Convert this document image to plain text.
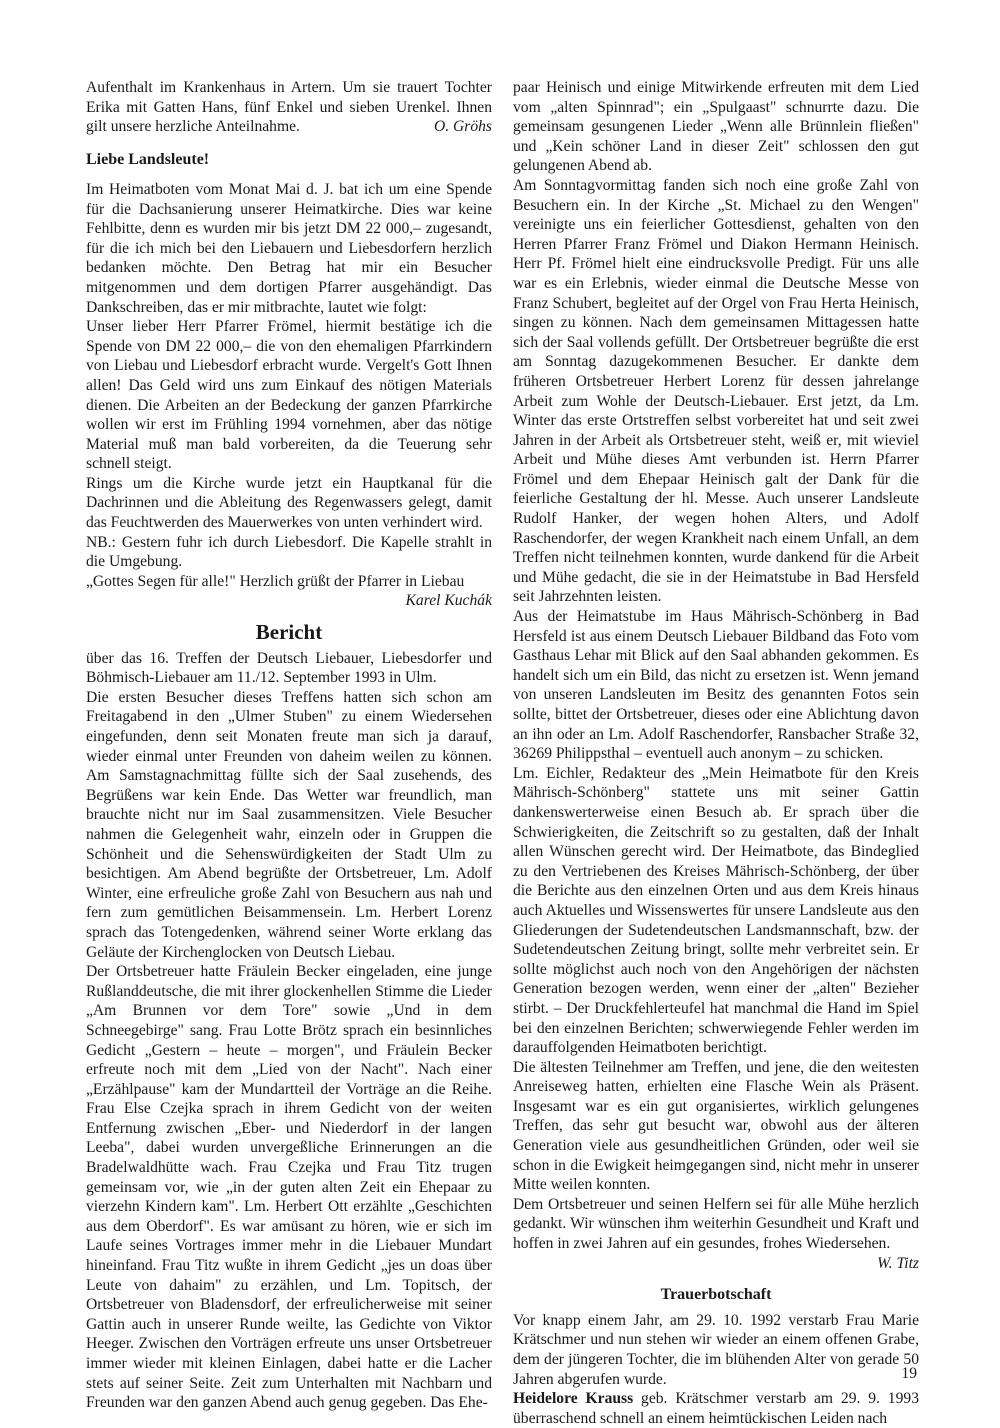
Aufenthalt im Krankenhaus in Artern. Um sie trauert Tochter Erika mit Gatten Hans, fünf Enkel und sieben Urenkel. Ihnen gilt unsere herzliche Anteilnahme.	O. Gröhs

Liebe Landsleute!

Im Heimatboten vom Monat Mai d. J. bat ich um eine Spende für die Dachsanierung unserer Heimatkirche. Dies war keine Fehlbitte, denn es wurden mir bis jetzt DM 22 000,– zugesandt, für die ich mich bei den Liebauern und Liebesdorfern herzlich bedanken möchte. Den Betrag hat mir ein Besucher mitgenommen und dem dortigen Pfarrer ausgehändigt. Das Dankschreiben, das er mir mitbrachte, lautet wie folgt:

Unser lieber Herr Pfarrer Frömel, hiermit bestätige ich die Spende von DM 22 000,– die von den ehemaligen Pfarrkindern von Liebau und Liebesdorf erbracht wurde. Vergelt's Gott Ihnen allen! Das Geld wird uns zum Einkauf des nötigen Materials dienen. Die Arbeiten an der Bedeckung der ganzen Pfarrkirche wollen wir erst im Frühling 1994 vornehmen, aber das nötige Material muß man bald vorbereiten, da die Teuerung sehr schnell steigt.

Rings um die Kirche wurde jetzt ein Hauptkanal für die Dachrinnen und die Ableitung des Regenwassers gelegt, damit das Feuchtwerden des Mauerwerkes von unten verhindert wird.

NB.: Gestern fuhr ich durch Liebesdorf. Die Kapelle strahlt in die Umgebung.

„Gottes Segen für alle!" Herzlich grüßt der Pfarrer in Liebau

Karel Kuchák

Bericht

über das 16. Treffen der Deutsch Liebauer, Liebesdorfer und Böhmisch-Liebauer am 11./12. September 1993 in Ulm.

Die ersten Besucher dieses Treffens hatten sich schon am Freitagabend in den „Ulmer Stuben" zu einem Wiedersehen eingefunden, denn seit Monaten freute man sich ja darauf, wieder einmal unter Freunden von daheim weilen zu können. Am Samstagnachmittag füllte sich der Saal zusehends, des Begrüßens war kein Ende. Das Wetter war freundlich, man brauchte nicht nur im Saal zusammensitzen. Viele Besucher nahmen die Gelegenheit wahr, einzeln oder in Gruppen die Schönheit und die Sehenswürdigkeiten der Stadt Ulm zu besichtigen. Am Abend begrüßte der Ortsbetreuer, Lm. Adolf Winter, eine erfreuliche große Zahl von Besuchern aus nah und fern zum gemütlichen Beisammensein. Lm. Herbert Lorenz sprach das Totengedenken, während seiner Worte erklang das Geläute der Kirchenglocken von Deutsch Liebau.

Der Ortsbetreuer hatte Fräulein Becker eingeladen, eine junge Rußlanddeutsche, die mit ihrer glockenhellen Stimme die Lieder „Am Brunnen vor dem Tore" sowie „Und in dem Schneegebirge" sang. Frau Lotte Brötz sprach ein besinnliches Gedicht „Gestern – heute – morgen", und Fräulein Becker erfreute noch mit dem „Lied von der Nacht". Nach einer „Erzählpause" kam der Mundartteil der Vorträge an die Reihe. Frau Else Czejka sprach in ihrem Gedicht von der weiten Entfernung zwischen „Eber- und Niederdorf in der langen Leeba", dabei wurden unvergeßliche Erinnerungen an die Bradelwaldhütte wach. Frau Czejka und Frau Titz trugen gemeinsam vor, wie „in der guten alten Zeit ein Ehepaar zu vierzehn Kindern kam". Lm. Herbert Ott erzählte „Geschichten aus dem Oberdorf". Es war amüsant zu hören, wie er sich im Laufe seines Vortrages immer mehr in die Liebauer Mundart hineinfand. Frau Titz wußte in ihrem Gedicht „jes un doas über Leute von dahaim" zu erzählen, und Lm. Topitsch, der Ortsbetreuer von Bladensdorf, der erfreulicherweise mit seiner Gattin auch in unserer Runde weilte, las Gedichte von Viktor Heeger. Zwischen den Vorträgen erfreute uns unser Ortsbetreuer immer wieder mit kleinen Einlagen, dabei hatte er die Lacher stets auf seiner Seite. Zeit zum Unterhalten mit Nachbarn und Freunden war den ganzen Abend auch genug gegeben. Das Ehe-

paar Heinisch und einige Mitwirkende erfreuten mit dem Lied vom „alten Spinnrad"; ein „Spulgaast" schnurrte dazu. Die gemeinsam gesungenen Lieder „Wenn alle Brünnlein fließen" und „Kein schöner Land in dieser Zeit" schlossen den gut gelungenen Abend ab.

Am Sonntagvormittag fanden sich noch eine große Zahl von Besuchern ein. In der Kirche „St. Michael zu den Wengen" vereinigte uns ein feierlicher Gottesdienst, gehalten von den Herren Pfarrer Franz Frömel und Diakon Hermann Heinisch. Herr Pf. Frömel hielt eine eindrucksvolle Predigt. Für uns alle war es ein Erlebnis, wieder einmal die Deutsche Messe von Franz Schubert, begleitet auf der Orgel von Frau Herta Heinisch, singen zu können. Nach dem gemeinsamen Mittagessen hatte sich der Saal vollends gefüllt. Der Ortsbetreuer begrüßte die erst am Sonntag dazugekommenen Besucher. Er dankte dem früheren Ortsbetreuer Herbert Lorenz für dessen jahrelange Arbeit zum Wohle der Deutsch-Liebauer. Erst jetzt, da Lm. Winter das erste Ortstreffen selbst vorbereitet hat und seit zwei Jahren in der Arbeit als Ortsbetreuer steht, weiß er, mit wieviel Arbeit und Mühe dieses Amt verbunden ist. Herrn Pfarrer Frömel und dem Ehepaar Heinisch galt der Dank für die feierliche Gestaltung der hl. Messe. Auch unserer Landsleute Rudolf Hanker, der wegen hohen Alters, und Adolf Raschendorfer, der wegen Krankheit nach einem Unfall, an dem Treffen nicht teilnehmen konnten, wurde dankend für die Arbeit und Mühe gedacht, die sie in der Heimatstube in Bad Hersfeld seit Jahrzehnten leisten.

Aus der Heimatstube im Haus Mährisch-Schönberg in Bad Hersfeld ist aus einem Deutsch Liebauer Bildband das Foto vom Gasthaus Lehar mit Blick auf den Saal abhanden gekommen. Es handelt sich um ein Bild, das nicht zu ersetzen ist. Wenn jemand von unseren Landsleuten im Besitz des genannten Fotos sein sollte, bittet der Ortsbetreuer, dieses oder eine Ablichtung davon an ihn oder an Lm. Adolf Raschendorfer, Ransbacher Straße 32, 36269 Philippsthal – eventuell auch anonym – zu schicken.

Lm. Eichler, Redakteur des „Mein Heimatbote für den Kreis Mährisch-Schönberg" stattete uns mit seiner Gattin dankenswerterweise einen Besuch ab. Er sprach über die Schwierigkeiten, die Zeitschrift so zu gestalten, daß der Inhalt allen Wünschen gerecht wird. Der Heimatbote, das Bindeglied zu den Vertriebenen des Kreises Mährisch-Schönberg, der über die Berichte aus den einzelnen Orten und aus dem Kreis hinaus auch Aktuelles und Wissenswertes für unsere Landsleute aus den Gliederungen der Sudetendeutschen Landsmannschaft, bzw. der Sudetendeutschen Zeitung bringt, sollte mehr verbreitet sein. Er sollte möglichst auch noch von den Angehörigen der nächsten Generation bezogen werden, wenn einer der „alten" Bezieher stirbt. – Der Druckfehlerteufel hat manchmal die Hand im Spiel bei den einzelnen Berichten; schwerwiegende Fehler werden im darauffolgenden Heimatboten berichtigt.

Die ältesten Teilnehmer am Treffen, und jene, die den weitesten Anreiseweg hatten, erhielten eine Flasche Wein als Präsent. Insgesamt war es ein gut organisiertes, wirklich gelungenes Treffen, das sehr gut besucht war, obwohl aus der älteren Generation viele aus gesundheitlichen Gründen, oder weil sie schon in die Ewigkeit heimgegangen sind, nicht mehr in unserer Mitte weilen konnten.

Dem Ortsbetreuer und seinen Helfern sei für alle Mühe herzlich gedankt. Wir wünschen ihm weiterhin Gesundheit und Kraft und hoffen in zwei Jahren auf ein gesundes, frohes Wiedersehen.

W. Titz

Trauerbotschaft

Vor knapp einem Jahr, am 29. 10. 1992 verstarb Frau Marie Krätschmer und nun stehen wir wieder an einem offenen Grabe, dem der jüngeren Tochter, die im blühenden Alter von gerade 50 Jahren abgerufen wurde.

Heidelore Krauss geb. Krätschmer verstarb am 29. 9. 1993 überraschend schnell an einem heimtückischen Leiden nach

19
